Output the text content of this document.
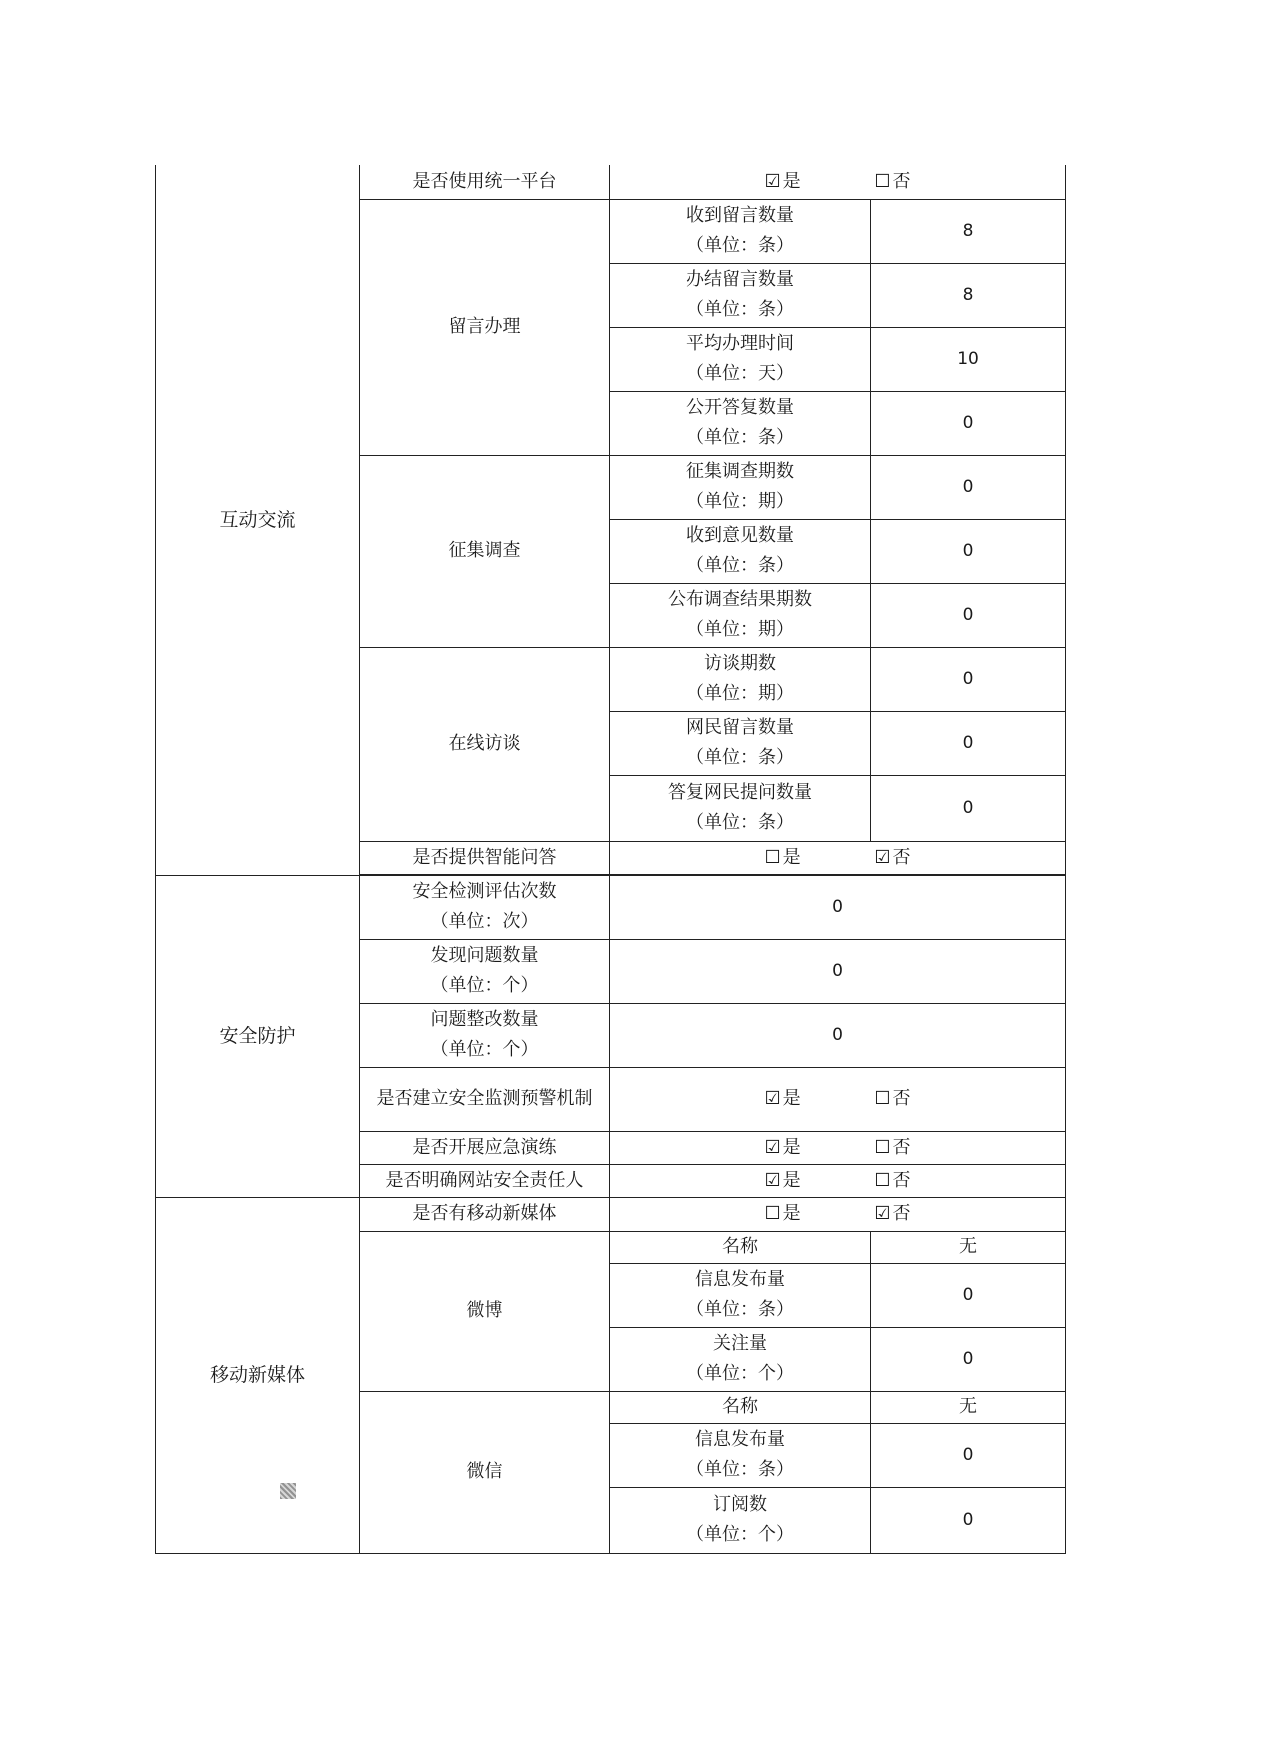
互动交流	是否使用统一平台	☑ 是 ☐ 否	
	留言办理	收到留言数量
（单位：条）	8

		办结留言数量
（单位：条）	8

		平均办理时间
（单位：天）	10

		公开答复数量
（单位：条）	0
	征集调查	征集调查期数
（单位：期）	0

		收到意见数量
（单位：条）	0

		公布调查结果期数
（单位：期）	0
	在线访谈	访谈期数
（单位：期）	0

		网民留言数量
（单位：条）	0

		答复网民提问数量
（单位：条）	0
	是否提供智能问答	☐ 是 ☑ 否	

安全防护	安全检测评估次数
（单位：次）	0	

	发现问题数量
（单位：个）	0	

	问题整改数量
（单位：个）	0	
	是否建立安全监测预警机制	☑ 是 ☐ 否	
	是否开展应急演练	☑ 是 ☐ 否	
	是否明确网站安全责任人	☑ 是 ☐ 否	
移动新媒体	是否有移动新媒体	☐ 是 ☑ 否	
	微博	名称	无

		信息发布量
（单位：条）	0

		关注量
（单位：个）	0
	微信	名称	无

		信息发布量
（单位：条）	0

		订阅数
（单位：个）	0
